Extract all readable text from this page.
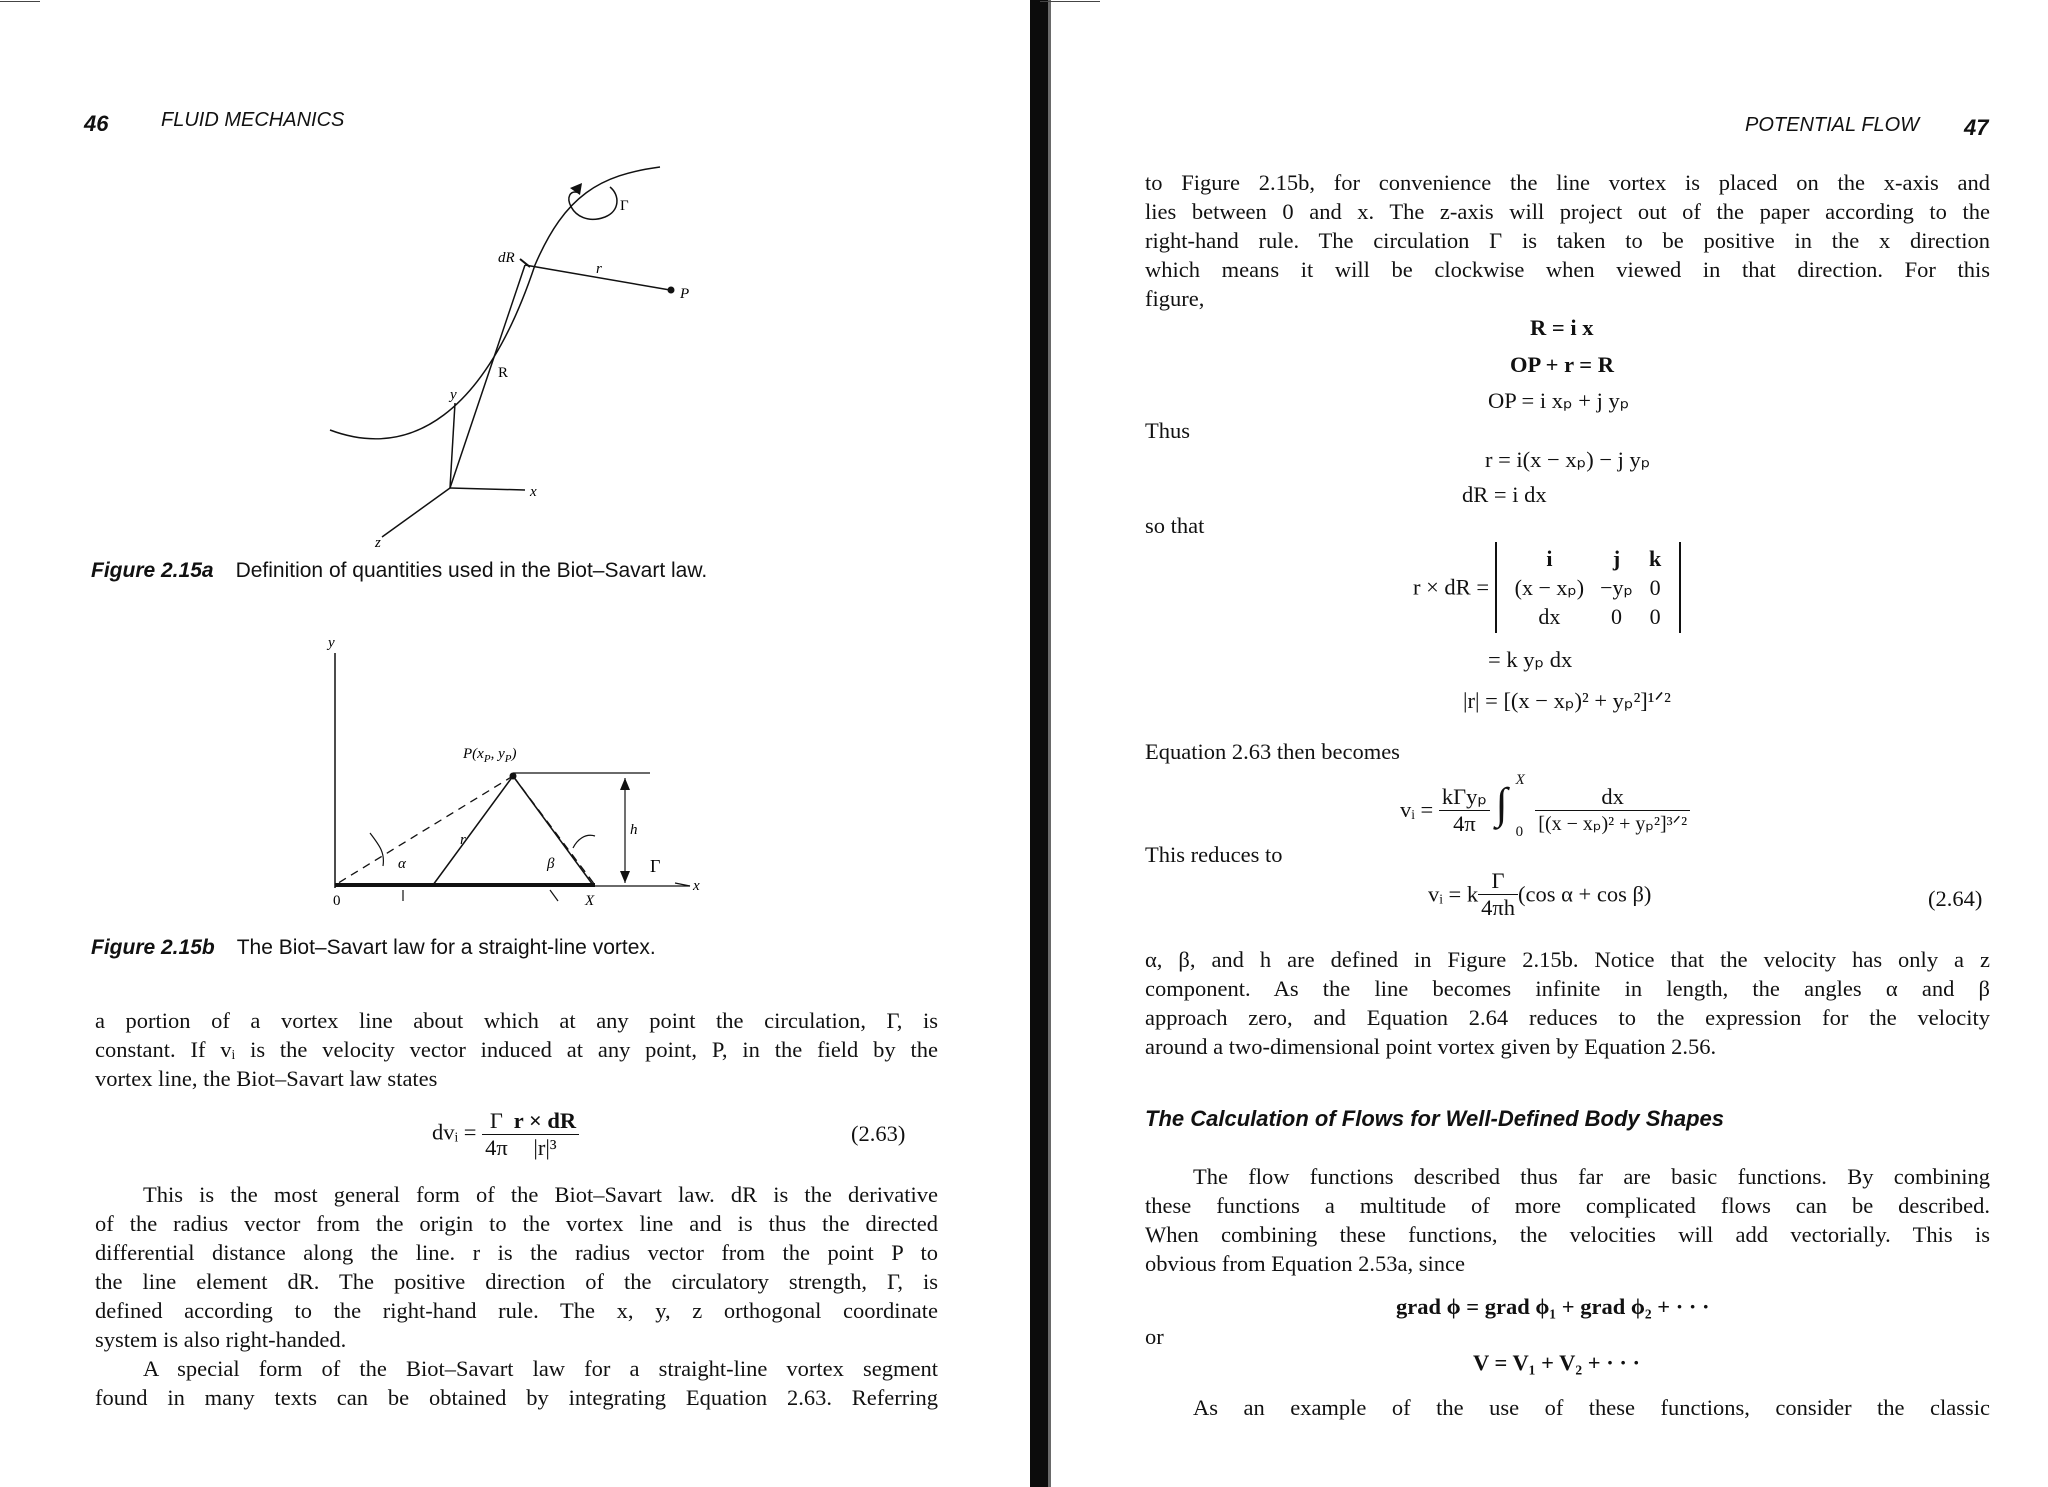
46	FLUID MECHANICS
dR
r
P
R
y
x
z
Γ
Figure 2.15a Definition of quantities used in the Biot–Savart law.
y
x
$P(x_P$, $y_P$)
h
Γ
α	β
r
0	X
Figure 2.15b The Biot–Savart law for a straight-line vortex.
a portion of a vortex line about which at any point the circulation, Γ, is
constant. If vᵢ is the velocity vector induced at any point, P, in the field by the
vortex line, the Biot–Savart law states
dvᵢ = $\frac{\Gamma}{4\pi} \frac{r \times dR}{\text{|r|³}}$	(2.63)
This is the most general form of the Biot–Savart law. dR is the derivative
of the radius vector from the origin to the vortex line and is thus the directed
differential distance along the line. r is the radius vector from the point P to
the line element dR. The positive direction of the circulatory strength, Γ, is
defined according to the right-hand rule. The x, y, z orthogonal coordinate
system is also right-handed.
A special form of the Biot–Savart law for a straight-line vortex segment
found in many texts can be obtained by integrating Equation 2.63. Referring
POTENTIAL FLOW 47
to Figure 2.15b, for convenience the line vortex is placed on the x-axis and
lies between 0 and x. The z-axis will project out of the paper according to the
right-hand rule. The circulation Γ is taken to be positive in the x direction
which means it will be clockwise when viewed in that direction. For this
figure,
R = i x
OP + r = R
OP = i xₚ + j yₚ
Thus
r = i(x − xₚ) − j yₚ
dR = i dx
so that
r × dR =
i	j	k
(x − xₚ)	−yₚ	0
dx	0	0
= k yₚ dx
|r| = [(x − xₚ)² + yₚ²]¹ᐟ²
Equation 2.63 then becomes
vᵢ = $\frac{\text{kΓyₚ}}{4\pi}$
∫ X
0
$\frac{dx}{\text{[(x − xₚ)² + yₚ²]³ᐟ²}}$
This reduces to
vᵢ = k $\frac{\Gamma}{4\pi h} (\cos$ α + cos β)	(2.64)
α, β, and h are defined in Figure 2.15b. Notice that the velocity has only a z
component. As the line becomes infinite in length, the angles α and β
approach zero, and Equation 2.64 reduces to the expression for the velocity
around a two-dimensional point vortex given by Equation 2.56.
The Calculation of Flows for Well-Defined Body Shapes
The flow functions described thus far are basic functions. By combining
these functions a multitude of more complicated flows can be described.
When combining these functions, the velocities will add vectorially. This is
obvious from Equation 2.53a, since
grad ϕ = grad ϕ₁ + grad ϕ₂ + · · ·
or
V = V₁ + V₂ + · · ·
As an example of the use of these functions, consider the classic
